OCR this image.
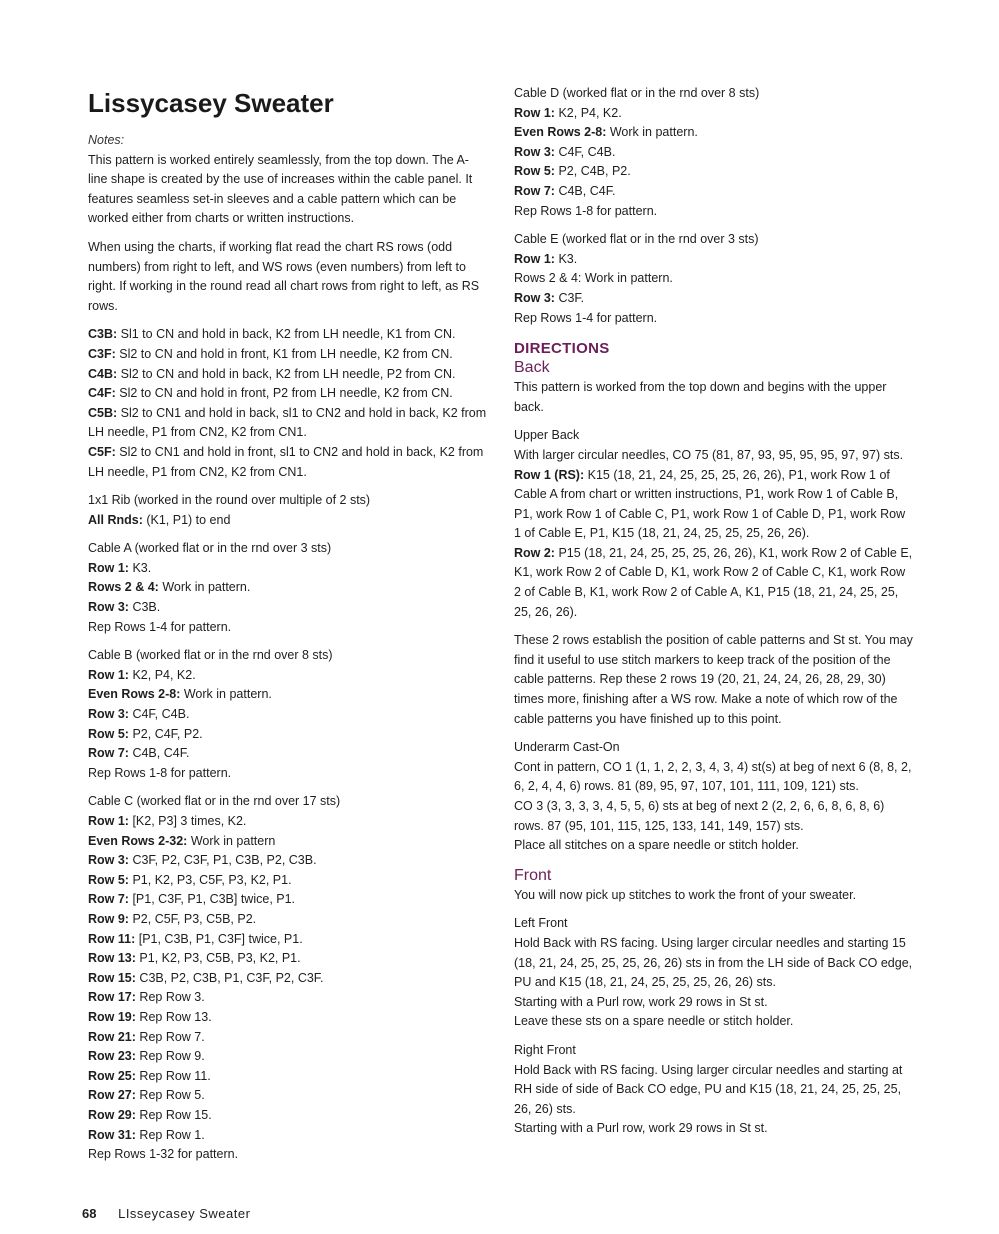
Lissycasey Sweater
Notes:

This pattern is worked entirely seamlessly, from the top down. The A-line shape is created by the use of increases within the cable panel. It features seamless set-in sleeves and a cable pattern which can be worked either from charts or written instructions.

When using the charts, if working flat read the chart RS rows (odd numbers) from right to left, and WS rows (even numbers) from left to right. If working in the round read all chart rows from right to left, as RS rows.

C3B: Sl1 to CN and hold in back, K2 from LH needle, K1 from CN.

C3F: Sl2 to CN and hold in front, K1 from LH needle, K2 from CN.

C4B: Sl2 to CN and hold in back, K2 from LH needle, P2 from CN.

C4F: Sl2 to CN and hold in front, P2 from LH needle, K2 from CN.

C5B: Sl2 to CN1 and hold in back, sl1 to CN2 and hold in back, K2 from LH needle, P1 from CN2, K2 from CN1.

C5F: Sl2 to CN1 and hold in front, sl1 to CN2 and hold in back, K2 from LH needle, P1 from CN2, K2 from CN1.

1x1 Rib (worked in the round over multiple of 2 sts)

All Rnds: (K1, P1) to end

Cable A (worked flat or in the rnd over 3 sts)

Row 1: K3.

Rows 2 & 4: Work in pattern.

Row 3: C3B.

Rep Rows 1-4 for pattern.

Cable B (worked flat or in the rnd over 8 sts)

Row 1: K2, P4, K2.

Even Rows 2-8: Work in pattern.

Row 3: C4F, C4B.

Row 5: P2, C4F, P2.

Row 7: C4B, C4F.

Rep Rows 1-8 for pattern.

Cable C (worked flat or in the rnd over 17 sts)

Row 1: [K2, P3] 3 times, K2.

Even Rows 2-32: Work in pattern

Row 3: C3F, P2, C3F, P1, C3B, P2, C3B.

Row 5: P1, K2, P3, C5F, P3, K2, P1.

Row 7: [P1, C3F, P1, C3B] twice, P1.

Row 9: P2, C5F, P3, C5B, P2.

Row 11: [P1, C3B, P1, C3F] twice, P1.

Row 13: P1, K2, P3, C5B, P3, K2, P1.

Row 15: C3B, P2, C3B, P1, C3F, P2, C3F.

Row 17: Rep Row 3.

Row 19: Rep Row 13.

Row 21: Rep Row 7.

Row 23: Rep Row 9.

Row 25: Rep Row 11.

Row 27: Rep Row 5.

Row 29: Rep Row 15.

Row 31: Rep Row 1.

Rep Rows 1-32 for pattern.

Cable D (worked flat or in the rnd over 8 sts)

Row 1: K2, P4, K2.

Even Rows 2-8: Work in pattern.

Row 3: C4F, C4B.

Row 5: P2, C4B, P2.

Row 7: C4B, C4F.

Rep Rows 1-8 for pattern.

Cable E (worked flat or in the rnd over 3 sts)

Row 1: K3.

Rows 2 & 4: Work in pattern.

Row 3: C3F.

Rep Rows 1-4 for pattern.

DIRECTIONS
Back

This pattern is worked from the top down and begins with the upper back.

Upper Back

With larger circular needles, CO 75 (81, 87, 93, 95, 95, 95, 97, 97) sts.

Row 1 (RS): K15 (18, 21, 24, 25, 25, 25, 26, 26), P1, work Row 1 of Cable A from chart or written instructions, P1, work Row 1 of Cable B, P1, work Row 1 of Cable C, P1, work Row 1 of Cable D, P1, work Row 1 of Cable E, P1, K15 (18, 21, 24, 25, 25, 25, 26, 26).

Row 2: P15 (18, 21, 24, 25, 25, 25, 26, 26), K1, work Row 2 of Cable E, K1, work Row 2 of Cable D, K1, work Row 2 of Cable C, K1, work Row 2 of Cable B, K1, work Row 2 of Cable A, K1, P15 (18, 21, 24, 25, 25, 25, 26, 26).

These 2 rows establish the position of cable patterns and St st. You may find it useful to use stitch markers to keep track of the position of the cable patterns. Rep these 2 rows 19 (20, 21, 24, 24, 26, 28, 29, 30) times more, finishing after a WS row. Make a note of which row of the cable patterns you have finished up to this point.

Underarm Cast-On

Cont in pattern, CO 1 (1, 1, 2, 2, 3, 4, 3, 4) st(s) at beg of next 6 (8, 8, 2, 6, 2, 4, 4, 6) rows. 81 (89, 95, 97, 107, 101, 111, 109, 121) sts.

CO 3 (3, 3, 3, 3, 4, 5, 5, 6) sts at beg of next 2 (2, 2, 6, 6, 8, 6, 8, 6) rows. 87 (95, 101, 115, 125, 133, 141, 149, 157) sts.

Place all stitches on a spare needle or stitch holder.

Front

You will now pick up stitches to work the front of your sweater.

Left Front

Hold Back with RS facing. Using larger circular needles and starting 15 (18, 21, 24, 25, 25, 25, 26, 26) sts in from the LH side of Back CO edge, PU and K15 (18, 21, 24, 25, 25, 25, 26, 26) sts.

Starting with a Purl row, work 29 rows in St st.

Leave these sts on a spare needle or stitch holder.

Right Front

Hold Back with RS facing. Using larger circular needles and starting at RH side of side of Back CO edge, PU and K15 (18, 21, 24, 25, 25, 25, 26, 26) sts.

Starting with a Purl row, work 29 rows in St st.

68 LIsseycasey Sweater
